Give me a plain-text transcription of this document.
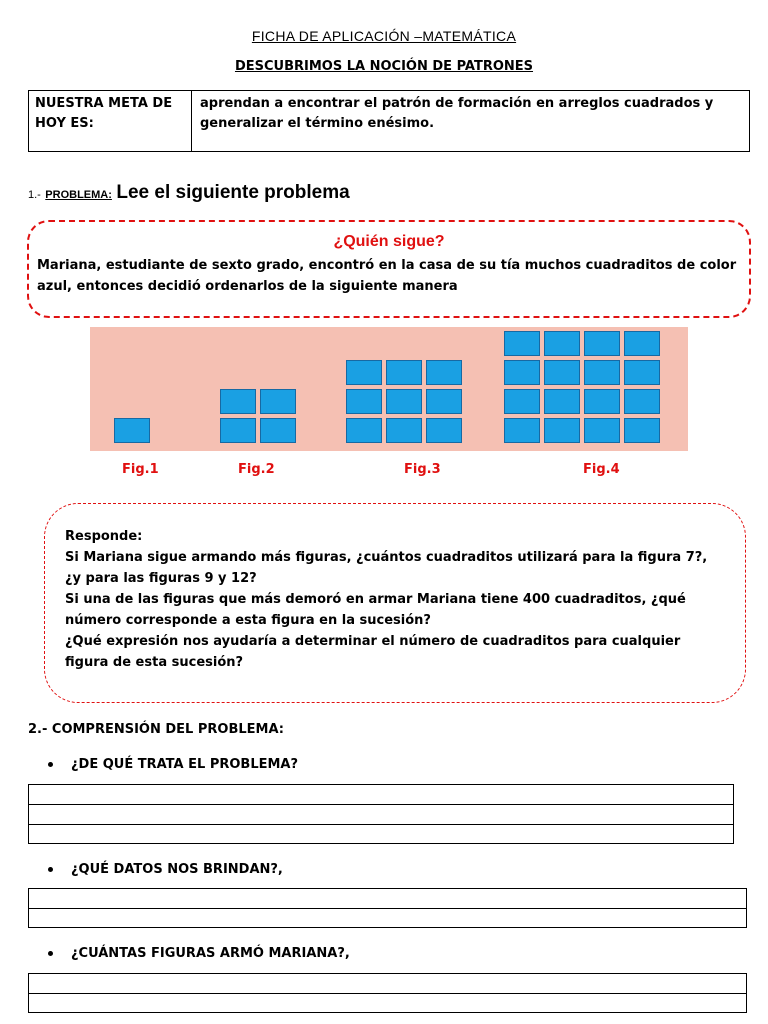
FICHA DE APLICACIÓN –MATEMÁTICA
DESCUBRIMOS LA NOCIÓN DE PATRONES
NUESTRA META DE HOY ES:
aprendan a encontrar el patrón de formación en arreglos cuadrados y generalizar el término enésimo.
1.- PROBLEMA: Lee el siguiente problema
¿Quién sigue?
Mariana, estudiante de sexto grado, encontró en la casa de su tía muchos cuadraditos de color azul, entonces decidió ordenarlos de la siguiente manera
Fig.1	Fig.2	Fig.3	Fig.4

Responde:

Si Mariana sigue armando más figuras, ¿cuántos cuadraditos utilizará para la figura 7?, ¿y para las figuras 9 y 12?

Si una de las figuras que más demoró en armar Mariana tiene 400 cuadraditos, ¿qué número corresponde a esta figura en la sucesión?

¿Qué expresión nos ayudaría a determinar el número de cuadraditos para cualquier figura de esta sucesión?

2.- COMPRENSIÓN DEL PROBLEMA:
¿DE QUÉ TRATA EL PROBLEMA?
¿QUÉ DATOS NOS BRINDAN?,
¿CUÁNTAS FIGURAS ARMÓ MARIANA?,
